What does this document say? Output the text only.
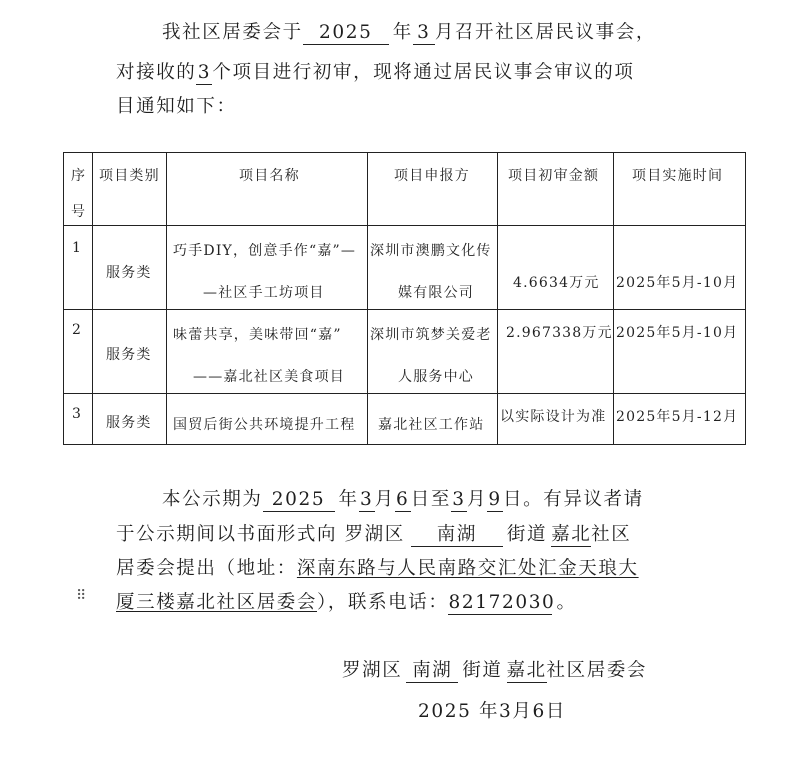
我社区居委会于 2025 年 3 月召开社区居民议事会，
对接收的3个项目进行初审，现将通过居民议事会审议的项
目通知如下：
序
号	项目类别	项目名称	项目申报方	项目初审金额	项目实施时间

1	服务类	巧手DIY，创意手作“嘉”—
—社区手工坊项目	深圳市澳鹏文化传
媒有限公司	4.6634万元	2025年5月-10月

2	服务类	味蕾共享，美味带回“嘉”
——嘉北社区美食项目	深圳市筑梦关爱老
人服务中心	2.967338万元	2025年5月-10月

3	服务类	国贸后街公共环境提升工程	嘉北社区工作站	以实际设计为准	2025年5月-12月
本公示期为 2025 年3月6日至3月9日。有异议者请
于公示期间以书面形式向 罗湖区 南湖 街道 嘉北社区
居委会提出（地址：深南东路与人民南路交汇处汇金天琅大
厦三楼嘉北社区居委会），联系电话：82172030。
⠿
罗湖区 南湖 街道 嘉北社区居委会
2025 年3月6日
